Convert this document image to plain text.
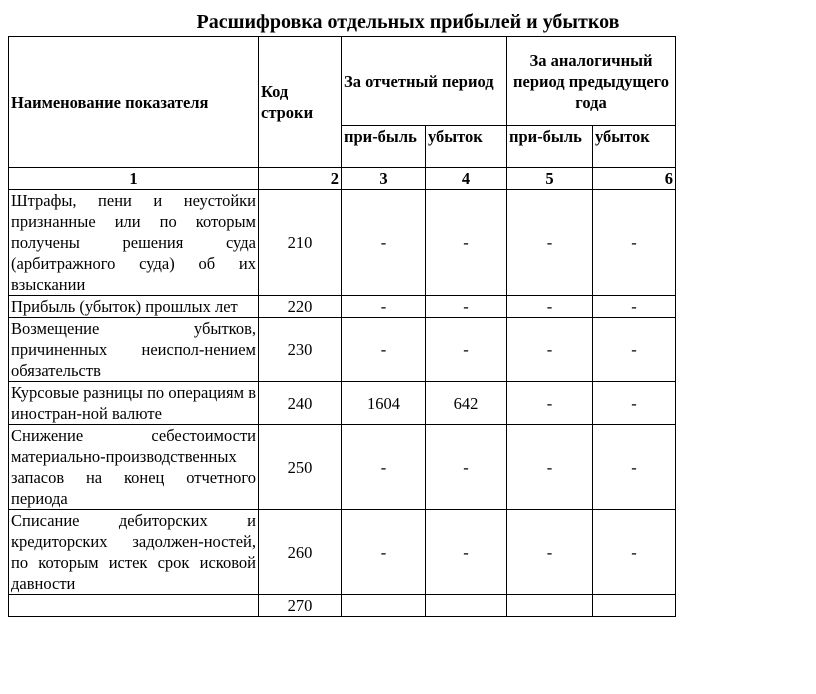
Расшифровка отдельных прибылей и убытков
Наименование показателя	Код строки	За отчетный период		За аналогичный период предыдущего года	
		при-быль	убыток	при-быль	убыток
1	2	3	4	5	6
Штрафы, пени и неустойки признанные или по которым получены решения суда (арбитражного суда) об их взыскании	210	-	-	-	-
Прибыль (убыток) прошлых лет	220	-	-	-	-
Возмещение убытков, причиненных неиспол-нением обязательств	230	-	-	-	-
Курсовые разницы по операциям в иностран-ной валюте	240	1604	642	-	-
Снижение себестоимости материально-производственных запасов на конец отчетного периода	250	-	-	-	-
Списание дебиторских и кредиторских задолжен-ностей, по которым истек срок исковой давности	260	-	-	-	-
	270				
